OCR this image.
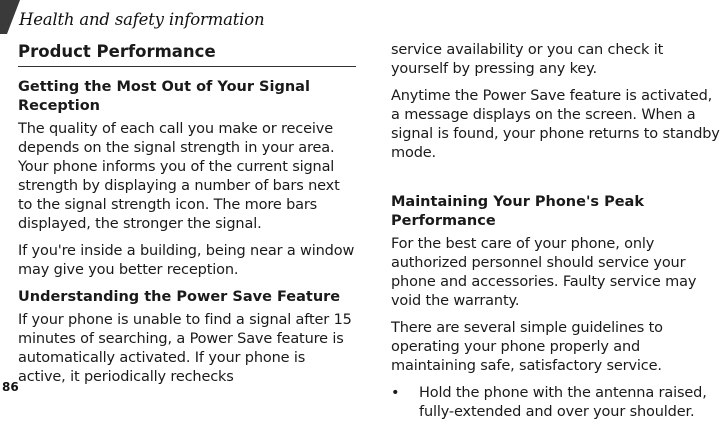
Health and safety information
Product Performance
Getting the Most Out of Your Signal Reception

The quality of each call you make or receive depends on the signal strength in your area. Your phone informs you of the current signal strength by displaying a number of bars next to the signal strength icon. The more bars displayed, the stronger the signal.

If you're inside a building, being near a window may give you better reception.

Understanding the Power Save Feature

If your phone is unable to find a signal after 15 minutes of searching, a Power Save feature is automatically activated. If your phone is active, it periodically rechecks

service availability or you can check it yourself by pressing any key.

Anytime the Power Save feature is activated, a message displays on the screen. When a signal is found, your phone returns to standby mode.

Maintaining Your Phone's Peak Performance

For the best care of your phone, only authorized personnel should service your phone and accessories. Faulty service may void the warranty.

There are several simple guidelines to operating your phone properly and maintaining safe, satisfactory service.

• Hold the phone with the antenna raised, fully-extended and over your shoulder.
86
